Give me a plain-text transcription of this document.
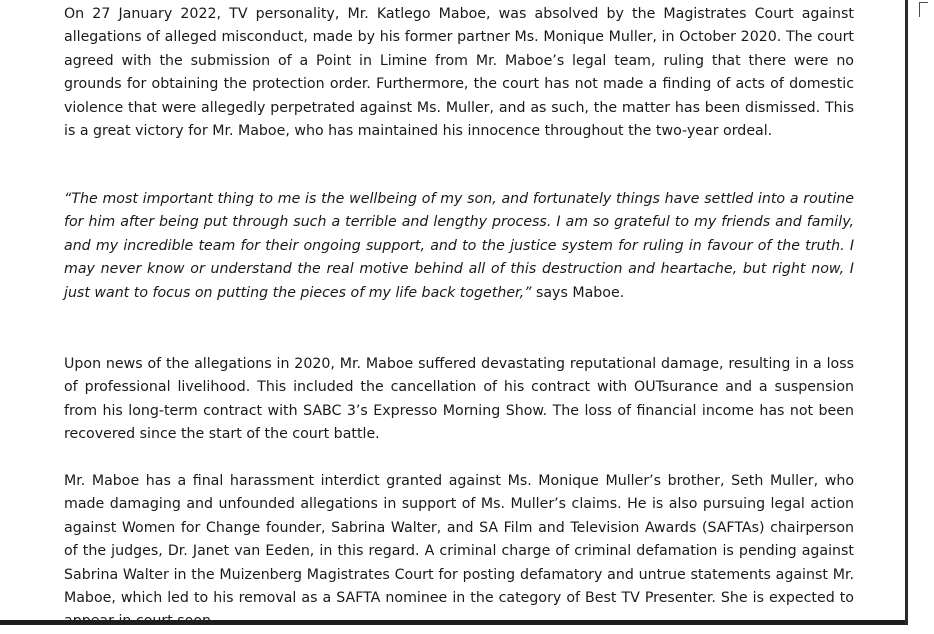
On 27 January 2022, TV personality, Mr. Katlego Maboe, was absolved by the Magistrates Court against allegations of alleged misconduct, made by his former partner Ms. Monique Muller, in October 2020. The court agreed with the submission of a Point in Limine from Mr. Maboe’s legal team, ruling that there were no grounds for obtaining the protection order. Furthermore, the court has not made a finding of acts of domestic violence that were allegedly perpetrated against Ms. Muller, and as such, the matter has been dismissed. This is a great victory for Mr. Maboe, who has maintained his innocence throughout the two-year ordeal.

“The most important thing to me is the wellbeing of my son, and fortunately things have settled into a routine for him after being put through such a terrible and lengthy process. I am so grateful to my friends and family, and my incredible team for their ongoing support, and to the justice system for ruling in favour of the truth. I may never know or understand the real motive behind all of this destruction and heartache, but right now, I just want to focus on putting the pieces of my life back together,” says Maboe.

Upon news of the allegations in 2020, Mr. Maboe suffered devastating reputational damage, resulting in a loss of professional livelihood. This included the cancellation of his contract with OUTsurance and a suspension from his long-term contract with SABC 3’s Expresso Morning Show. The loss of financial income has not been recovered since the start of the court battle.

Mr. Maboe has a final harassment interdict granted against Ms. Monique Muller’s brother, Seth Muller, who made damaging and unfounded allegations in support of Ms. Muller’s claims. He is also pursuing legal action against Women for Change founder, Sabrina Walter, and SA Film and Television Awards (SAFTAs) chairperson of the judges, Dr. Janet van Eeden, in this regard. A criminal charge of criminal defamation is pending against Sabrina Walter in the Muizenberg Magistrates Court for posting defamatory and untrue statements against Mr. Maboe, which led to his removal as a SAFTA nominee in the category of Best TV Presenter. She is expected to
